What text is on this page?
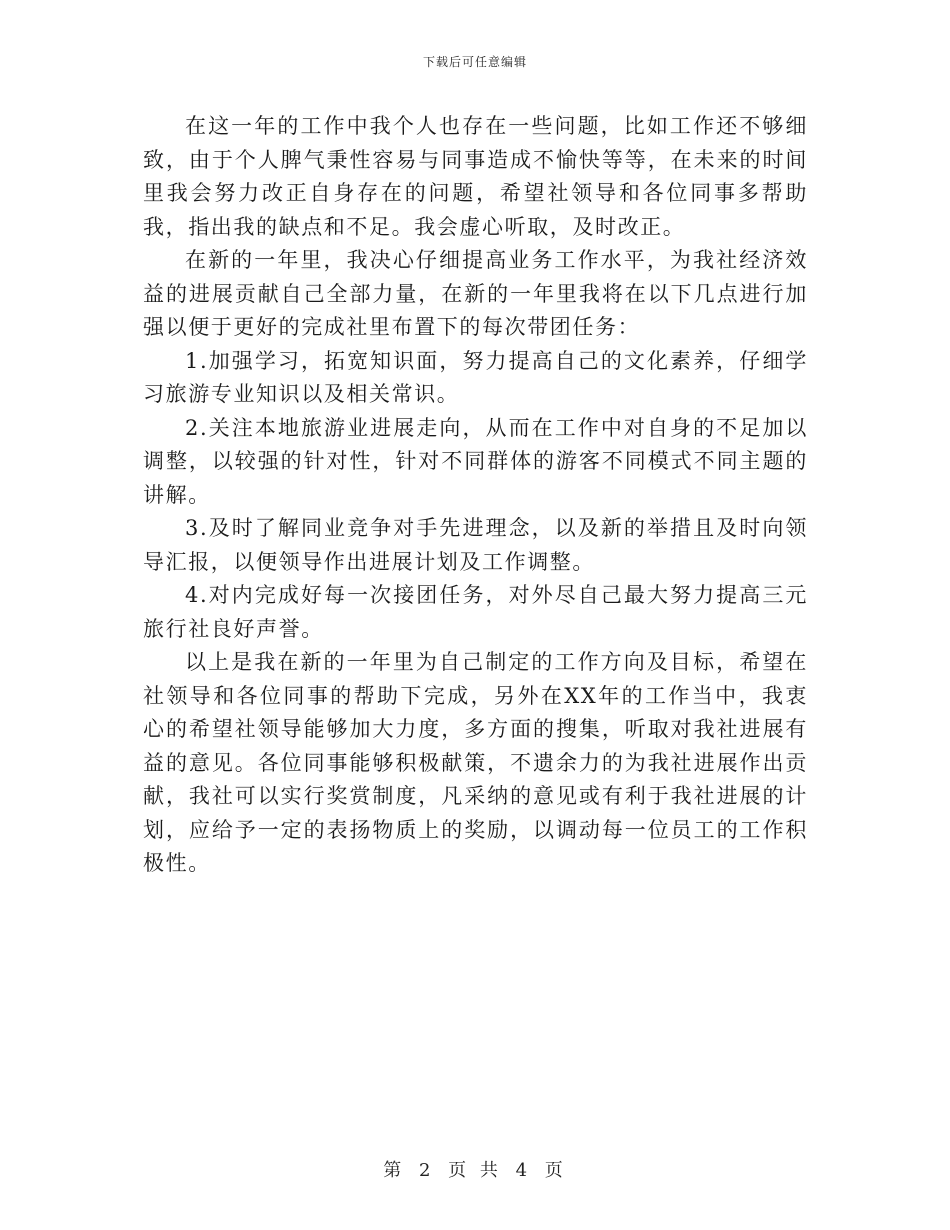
下载后可任意编辑

在这一年的工作中我个人也存在一些问题，比如工作还不够细致，由于个人脾气秉性容易与同事造成不愉快等等，在未来的时间里我会努力改正自身存在的问题，希望社领导和各位同事多帮助我，指出我的缺点和不足。我会虚心听取，及时改正。

在新的一年里，我决心仔细提高业务工作水平，为我社经济效益的进展贡献自己全部力量，在新的一年里我将在以下几点进行加强以便于更好的完成社里布置下的每次带团任务：

1.加强学习，拓宽知识面，努力提高自己的文化素养，仔细学习旅游专业知识以及相关常识。

2.关注本地旅游业进展走向，从而在工作中对自身的不足加以调整，以较强的针对性，针对不同群体的游客不同模式不同主题的讲解。

3.及时了解同业竞争对手先进理念，以及新的举措且及时向领导汇报，以便领导作出进展计划及工作调整。

4.对内完成好每一次接团任务，对外尽自己最大努力提高三元旅行社良好声誉。

以上是我在新的一年里为自己制定的工作方向及目标，希望在社领导和各位同事的帮助下完成，另外在XX年的工作当中，我衷心的希望社领导能够加大力度，多方面的搜集，听取对我社进展有益的意见。各位同事能够积极献策，不遗余力的为我社进展作出贡献，我社可以实行奖赏制度，凡采纳的意见或有利于我社进展的计划，应给予一定的表扬物质上的奖励，以调动每一位员工的工作积极性。

第 2 页 共 4 页
